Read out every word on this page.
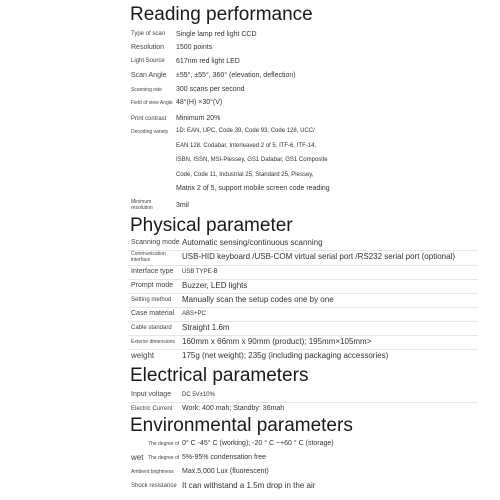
Reading performance
Type of scan	Single lamp red light CCD
Resolution	1500 points
Light Source	617nm red light LED
Scan Angle	±55°, ±55°, 360° (elevation, deflection)
Scanning rate	300 scans per second
Field of view Angle 48°(H) ×30°(V)
Print contrast	Minimum 20%
Decoding variety	1D: EAN, UPC, Code 39, Code 93, Code 128, UCC/
EAN 128, Codabar, Interleaved 2 of 5, ITF-6, ITF-14,
ISBN, ISSN, MSI-Plessey, GS1 Databar, GS1 Composite
Code, Code 11, Industrial 25, Standard 25, Plessey,
Matrix 2 of 5, support mobile screen code reading
Minimum
resolution	3mil
Physical parameter
Scanning mode Automatic sensing/continuous scanning
Communication
interface	USB-HID keyboard /USB-COM virtual serial port /RS232 serial port (optional)
Interface type	USB TYPE-B
Prompt mode	Buzzer, LED lights
Setting method	Manually scan the setup codes one by one
Case material	ABS+PC
Cable standard	Straight 1.6m
Exterior dimensions 160mm x 66mm x 90mm (product); 195mm×105mm>
weight	175g (net weight); 235g (including packaging accessories)
Electrical parameters
Input voltage	DC 5V±10%
Electric Current	Work: 400 mah; Standby: 36mah
Environmental parameters
The degree of 0° C -45° C (working); -20 ° C ~+60 ° C (storage)
wet The degree of 5%-95% condensation free
Ambient brightness	Max.5,000 Lux (fluorescent)
Shock resistance It can withstand a 1.5m drop in the air
